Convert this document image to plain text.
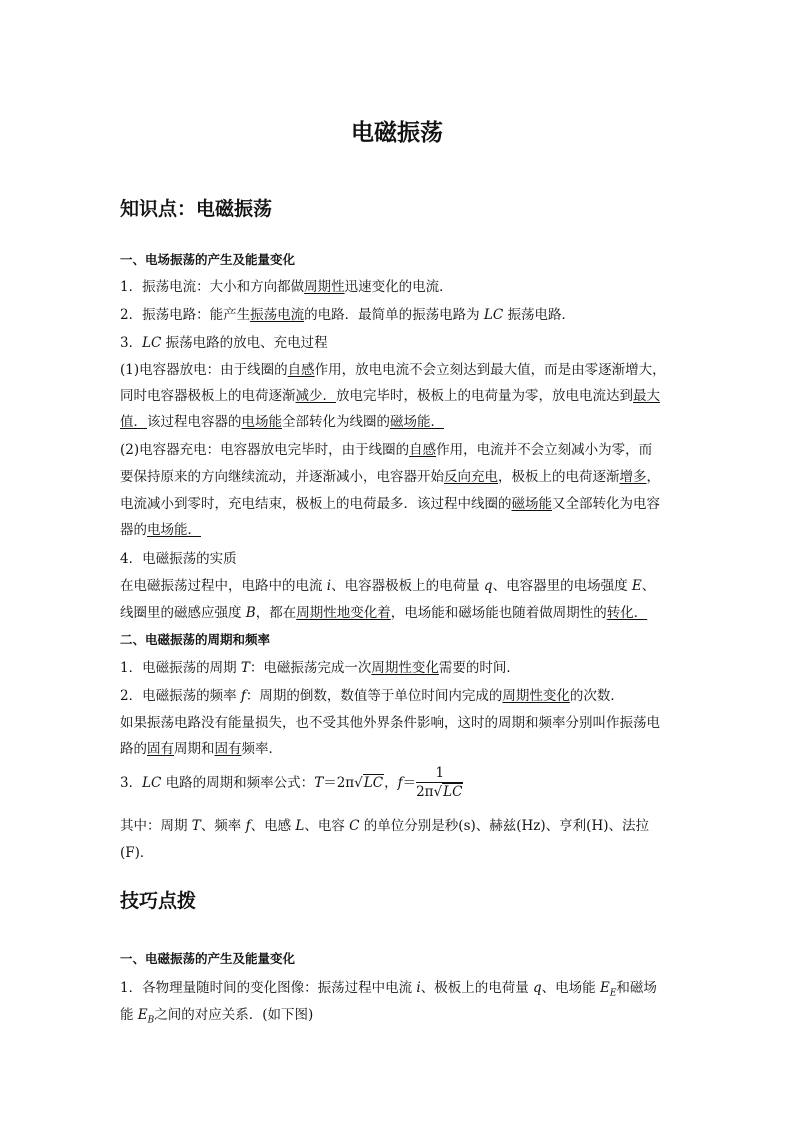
电磁振荡
知识点：电磁振荡
一、电场振荡的产生及能量变化
1．振荡电流：大小和方向都做周期性迅速变化的电流．
2．振荡电路：能产生振荡电流的电路．最简单的振荡电路为 LC 振荡电路．
3．LC 振荡电路的放电、充电过程
(1)电容器放电：由于线圈的自感作用，放电电流不会立刻达到最大值，而是由零逐渐增大，
同时电容器极板上的电荷逐渐减少．放电完毕时，极板上的电荷量为零，放电电流达到最大
值．该过程电容器的电场能全部转化为线圈的磁场能．
(2)电容器充电：电容器放电完毕时，由于线圈的自感作用，电流并不会立刻减小为零，而
要保持原来的方向继续流动，并逐渐减小，电容器开始反向充电，极板上的电荷逐渐增多，
电流减小到零时，充电结束，极板上的电荷最多．该过程中线圈的磁场能又全部转化为电容
器的电场能．
4．电磁振荡的实质
在电磁振荡过程中，电路中的电流 i、电容器极板上的电荷量 q、电容器里的电场强度 E、
线圈里的磁感应强度 B，都在周期性地变化着，电场能和磁场能也随着做周期性的转化．
二、电磁振荡的周期和频率
1．电磁振荡的周期 T：电磁振荡完成一次周期性变化需要的时间．
2．电磁振荡的频率 f：周期的倒数，数值等于单位时间内完成的周期性变化的次数．
如果振荡电路没有能量损失，也不受其他外界条件影响，这时的周期和频率分别叫作振荡电
路的固有周期和固有频率．
3．LC 电路的周期和频率公式：T＝2π√LC，$f= \frac{1}{2\pi√LC}$
其中：周期 T、频率 f、电感 L、电容 C 的单位分别是秒(s)、赫兹(Hz)、亨利(H)、法拉
(F)．
技巧点拨
一、电磁振荡的产生及能量变化
1．各物理量随时间的变化图像：振荡过程中电流 i、极板上的电荷量 q、电场能 $E_E$和磁场
能 $E_B$之间的对应关系．(如下图)
